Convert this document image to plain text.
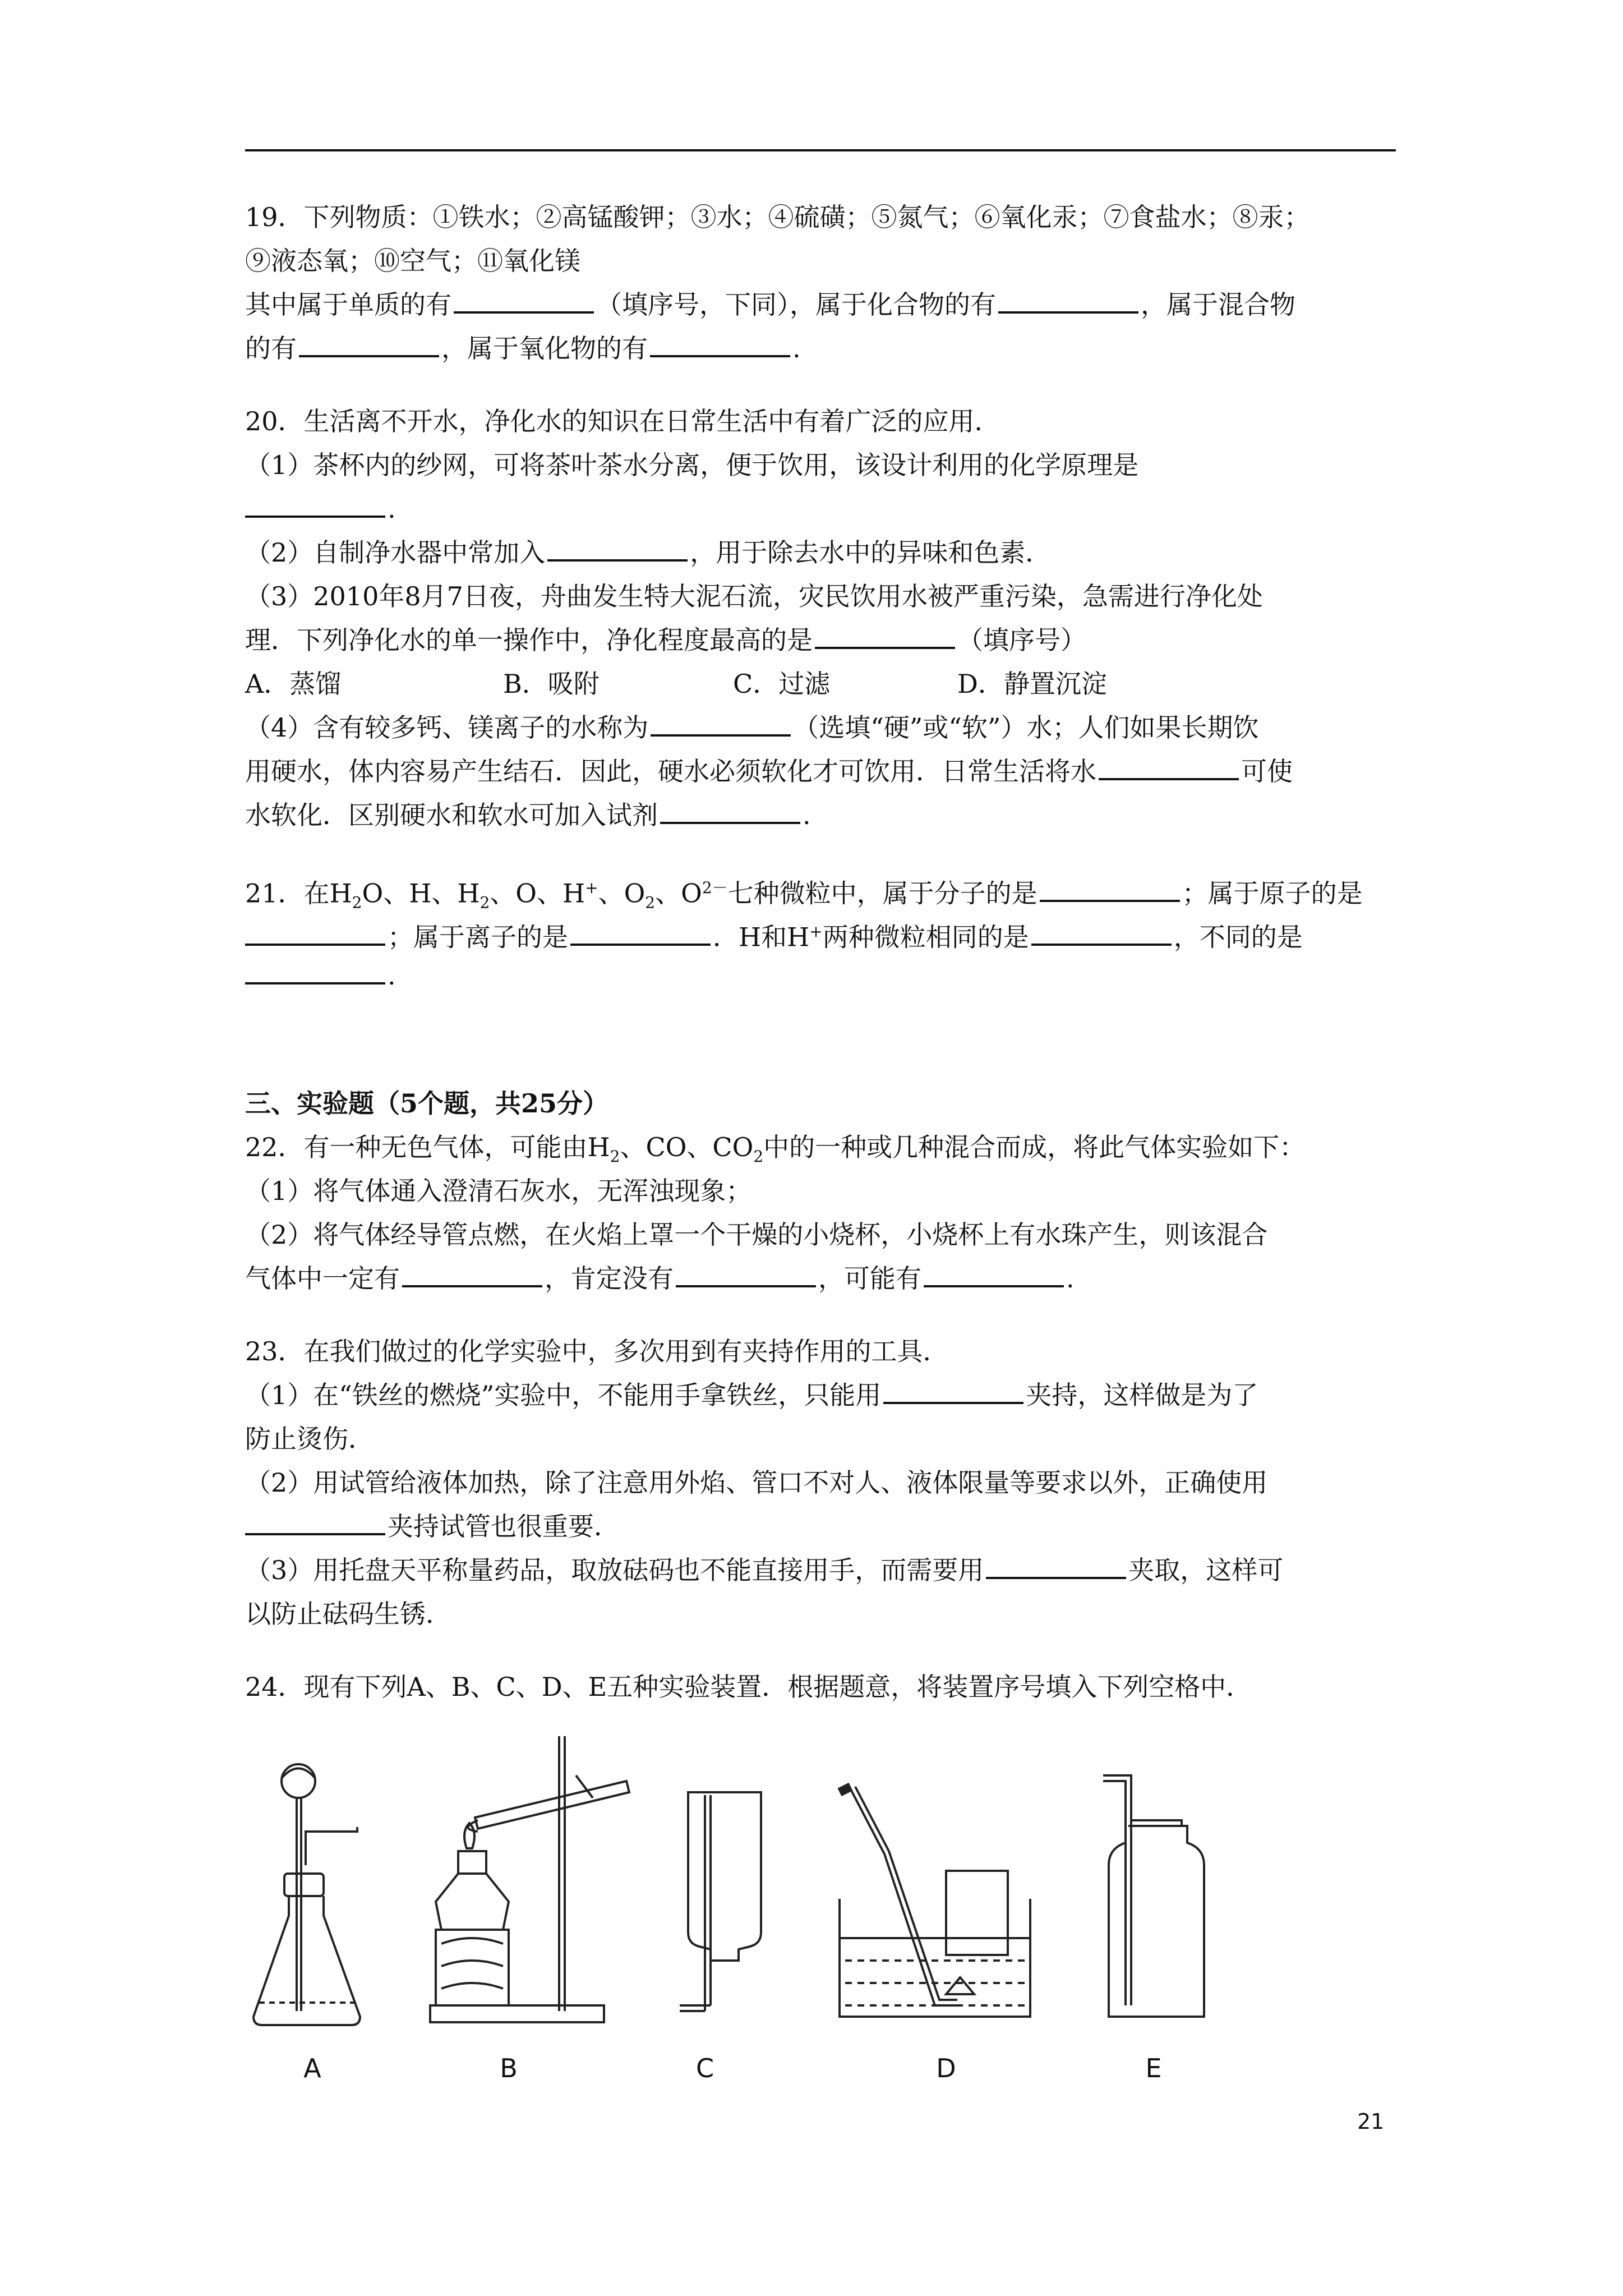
19．下列物质：①铁水；②高锰酸钾；③水；④硫磺；⑤氮气；⑥氧化汞；⑦食盐水；⑧汞；
⑨液态氧；⑩空气；⑪氧化镁
其中属于单质的有	（填序号，下同），属于化合物的有	，属于混合物
的有	，属于氧化物的有	.
20．生活离不开水，净化水的知识在日常生活中有着广泛的应用．
（1）茶杯内的纱网，可将茶叶茶水分离，便于饮用，该设计利用的化学原理是
.
（2）自制净水器中常加入	，用于除去水中的异味和色素．
（3）2010年8月7日夜，舟曲发生特大泥石流，灾民饮用水被严重污染，急需进行净化处
理．下列净化水的单一操作中，净化程度最高的是	（填序号）
A．蒸馏	B．吸附	C．过滤	D．静置沉淀
（4）含有较多钙、镁离子的水称为	（选填“硬”或“软”）水；人们如果长期饮
用硬水，体内容易产生结石．因此，硬水必须软化才可饮用．日常生活将水	可使
水软化．区别硬水和软水可加入试剂	.
21．在$H_2O$、H、$H_2$、O、H+、$O_2$、$O^{2-}$七种微粒中，属于分子的是	；属于原子的是
；属于离子的是	．H和H+两种微粒相同的是	，不同的是
.
三、实验题（5个题，共25分）
22．有一种无色气体，可能由$H_2$、CO、$CO_2$中的一种或几种混合而成，将此气体实验如下：
（1）将气体通入澄清石灰水，无浑浊现象；
（2）将气体经导管点燃，在火焰上罩一个干燥的小烧杯，小烧杯上有水珠产生，则该混合
气体中一定有	，肯定没有	，可能有	.
23．在我们做过的化学实验中，多次用到有夹持作用的工具．
（1）在“铁丝的燃烧”实验中，不能用手拿铁丝，只能用	夹持，这样做是为了
防止烫伤．
（2）用试管给液体加热，除了注意用外焰、管口不对人、液体限量等要求以外，正确使用
夹持试管也很重要．
（3）用托盘天平称量药品，取放砝码也不能直接用手，而需要用	夹取，这样可
以防止砝码生锈．
24．现有下列A、B、C、D、E五种实验装置．根据题意，将装置序号填入下列空格中．
A	B	C	D	E
21
